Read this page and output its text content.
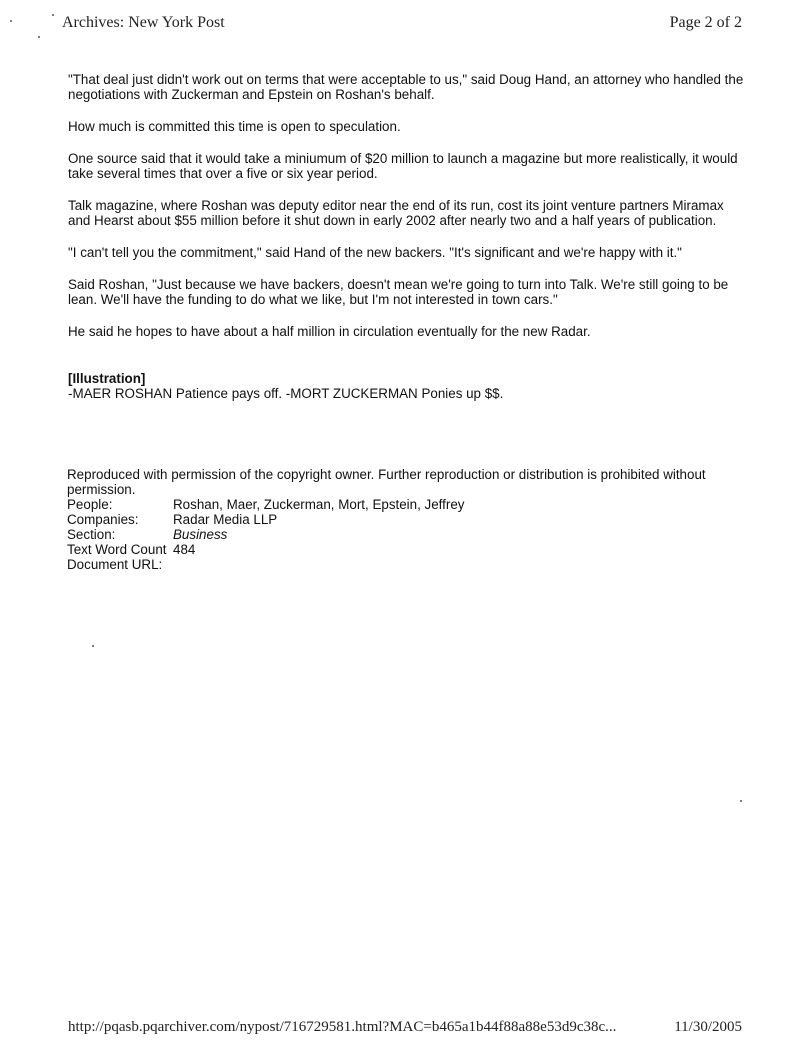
Archives: New York Post	Page 2 of 2

"That deal just didn't work out on terms that were acceptable to us," said Doug Hand, an attorney who handled the negotiations with Zuckerman and Epstein on Roshan's behalf.

How much is committed this time is open to speculation.

One source said that it would take a miniumum of $20 million to launch a magazine but more realistically, it would take several times that over a five or six year period.

Talk magazine, where Roshan was deputy editor near the end of its run, cost its joint venture partners Miramax and Hearst about $55 million before it shut down in early 2002 after nearly two and a half years of publication.

"I can't tell you the commitment," said Hand of the new backers. "It's significant and we're happy with it."

Said Roshan, "Just because we have backers, doesn't mean we're going to turn into Talk. We're still going to be lean. We'll have the funding to do what we like, but I'm not interested in town cars."

He said he hopes to have about a half million in circulation eventually for the new Radar.

[Illustration]
-MAER ROSHAN Patience pays off. -MORT ZUCKERMAN Ponies up $$.
Reproduced with permission of the copyright owner. Further reproduction or distribution is prohibited without permission.
People:	Roshan, Maer, Zuckerman, Mort, Epstein, Jeffrey
Companies:	Radar Media LLP
Section:	Business
Text Word Count 484
Document URL:
http://pqasb.pqarchiver.com/nypost/716729581.html?MAC=b465a1b44f88a88e53d9c38c...	11/30/2005
